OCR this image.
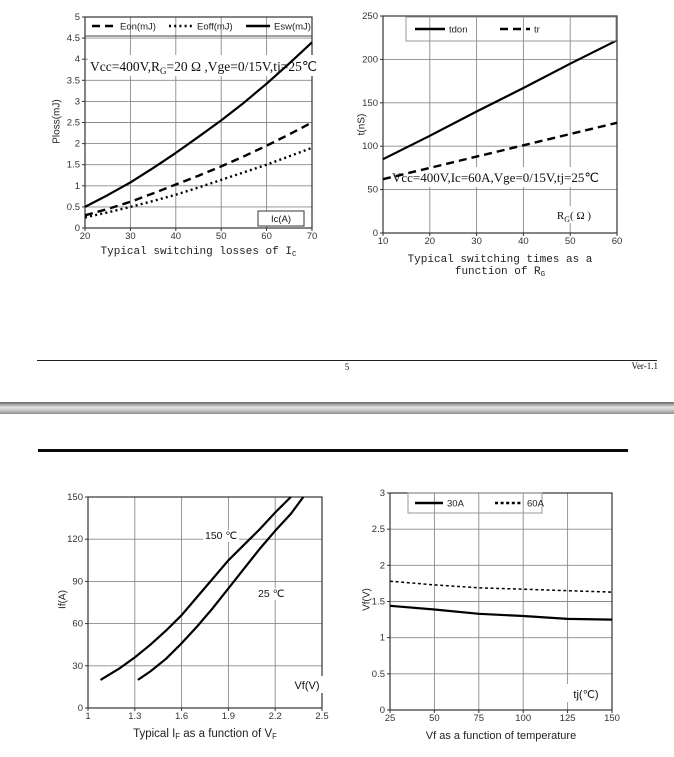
20	30	40	50	60	70
0
0.5
1
1.5
2
2.5
3
3.5
4
4.5
5
$Vcc=400V,R_G=20$ Ω ,Vge=0/15V,tj=25℃
Ic(A)
Eon(mJ)	Eoff(mJ)	Esw(mJ)
Ploss(mJ)
Typical switching losses of $I_C$
10	20	30	40	50	60
0
50
100
150
200
250
Vcc=400V,Ic=60A,Vge=0/15V,tj=25℃
$R_G$( Ω )
tdon	tr
t(nS)
Typical switching times as a
function of $R_G$
5	Ver-1.1
1	1.3	1.6	1.9	2.2	2.5
0
30
60
90
120
150
Vf(V)
150 ℃
25 ℃
If(A)
Typical $I_F$ as a function of $V_F$
25	50	75	100	125	150
0
0.5
1
1.5
2
2.5
3
tj(℃)
30A	60A
Vf(V)
Vf as a function of temperature
